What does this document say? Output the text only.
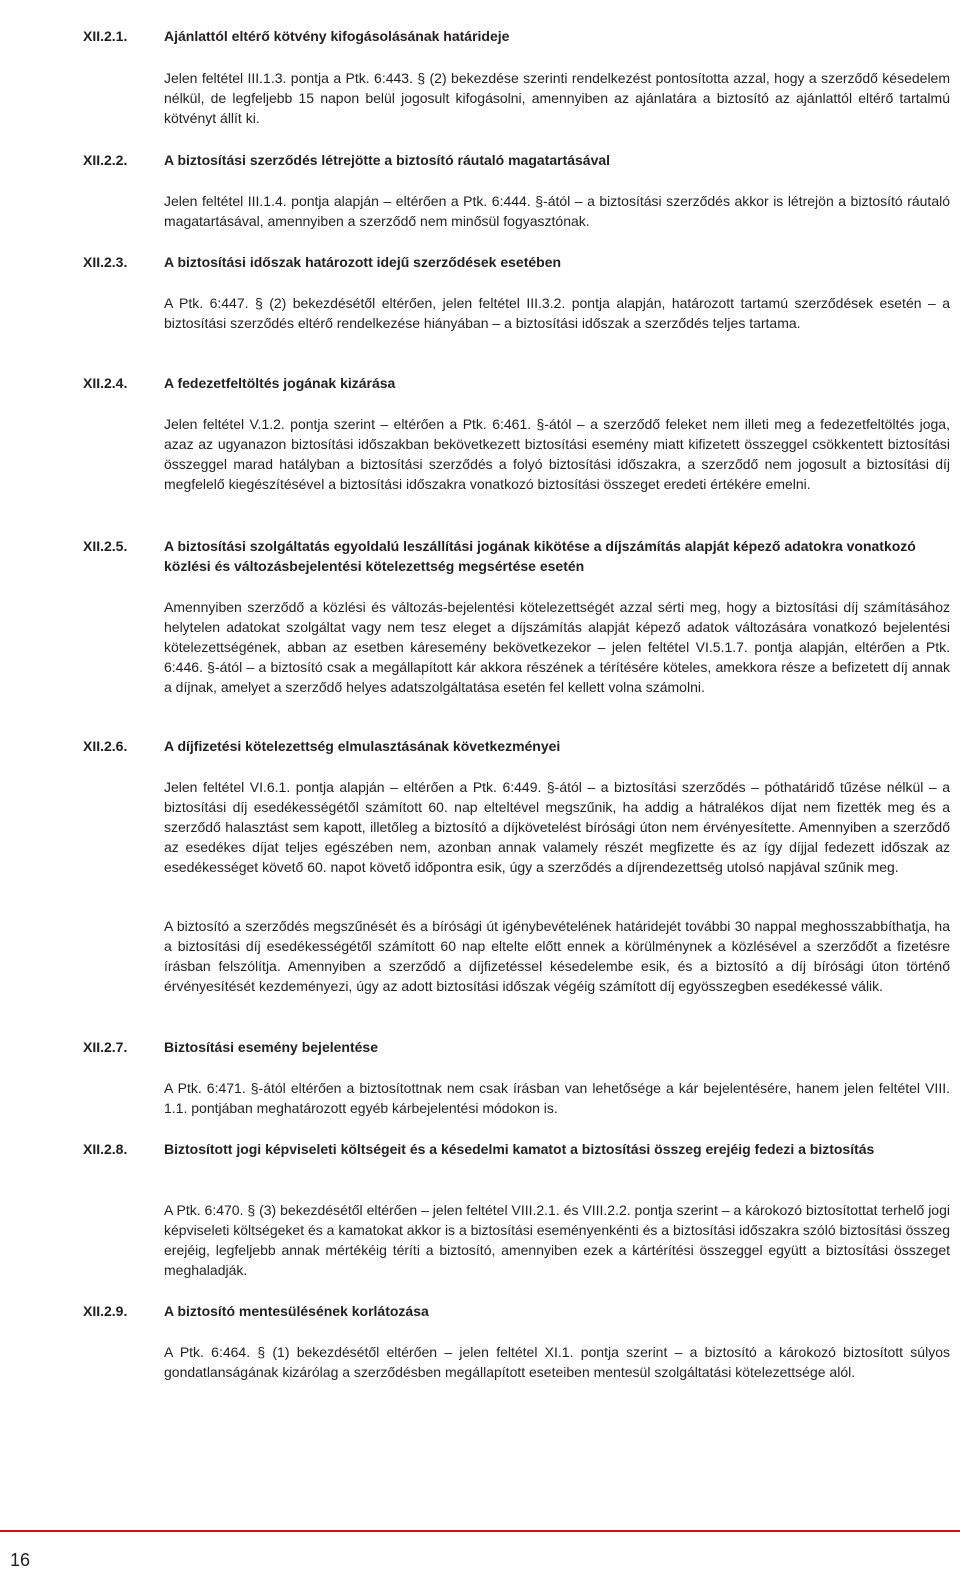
XII.2.1.	Ajánlattól eltérő kötvény kifogásolásának határideje
Jelen feltétel III.1.3. pontja a Ptk. 6:443. § (2) bekezdése szerinti rendelkezést pontosította azzal, hogy a szerződő késedelem nélkül, de legfeljebb 15 napon belül jogosult kifogásolni, amennyiben az ajánlatára a biztosító az ajánlattól eltérő tartalmú kötvényt állít ki.
XII.2.2.	A biztosítási szerződés létrejötte a biztosító ráutaló magatartásával
Jelen feltétel III.1.4. pontja alapján – eltérően a Ptk. 6:444. §-ától – a biztosítási szerződés akkor is létrejön a biztosító ráutaló magatartásával, amennyiben a szerződő nem minősül fogyasztónak.
XII.2.3.	A biztosítási időszak határozott idejű szerződések esetében
A Ptk. 6:447. § (2) bekezdésétől eltérően, jelen feltétel III.3.2. pontja alapján, határozott tartamú szerződések esetén – a biztosítási szerződés eltérő rendelkezése hiányában – a biztosítási időszak a szerződés teljes tartama.
XII.2.4.	A fedezetfeltöltés jogának kizárása
Jelen feltétel V.1.2. pontja szerint – eltérően a Ptk. 6:461. §-ától – a szerződő feleket nem illeti meg a fedezetfeltöltés joga, azaz az ugyanazon biztosítási időszakban bekövetkezett biztosítási esemény miatt kifizetett összeggel csökkentett biztosítási összeggel marad hatályban a biztosítási szerződés a folyó biztosítási időszakra, a szerződő nem jogosult a biztosítási díj megfelelő kiegészítésével a biztosítási időszakra vonatkozó biztosítási összeget eredeti értékére emelni.
XII.2.5.	A biztosítási szolgáltatás egyoldalú leszállítási jogának kikötése a díjszámítás alapját képező adatokra vonatkozó közlési és változásbejelentési kötelezettség megsértése esetén
Amennyiben szerződő a közlési és változás-bejelentési kötelezettségét azzal sérti meg, hogy a biztosítási díj számításához helytelen adatokat szolgáltat vagy nem tesz eleget a díjszámítás alapját képező adatok változására vonatkozó bejelentési kötelezettségének, abban az esetben káresemény bekövetkezekor – jelen feltétel VI.5.1.7. pontja alapján, eltérően a Ptk. 6:446. §-ától – a biztosító csak a megállapított kár akkora részének a térítésére köteles, amekkora része a befizetett díj annak a díjnak, amelyet a szerződő helyes adatszolgáltatása esetén fel kellett volna számolni.
XII.2.6.	A díjfizetési kötelezettség elmulasztásának következményei
Jelen feltétel VI.6.1. pontja alapján – eltérően a Ptk. 6:449. §-ától – a biztosítási szerződés – póthatáridő tűzése nélkül – a biztosítási díj esedékességétől számított 60. nap elteltével megszűnik, ha addig a hátralékos díjat nem fizették meg és a szerződő halasztást sem kapott, illetőleg a biztosító a díjkövetelést bírósági úton nem érvényesítette. Amennyiben a szerződő az esedékes díjat teljes egészében nem, azonban annak valamely részét megfizette és az így díjjal fedezett időszak az esedékességet követő 60. napot követő időpontra esik, úgy a szerződés a díjrendezettség utolsó napjával szűnik meg.
A biztosító a szerződés megszűnését és a bírósági út igénybevételének határidejét további 30 nappal meghosszabbíthatja, ha a biztosítási díj esedékességétől számított 60 nap eltelte előtt ennek a körülménynek a közlésével a szerződőt a fizetésre írásban felszólítja. Amennyiben a szerződő a díjfizetéssel késedelembe esik, és a biztosító a díj bírósági úton történő érvényesítését kezdeményezi, úgy az adott biztosítási időszak végéig számított díj egyösszegben esedékessé válik.
XII.2.7.	Biztosítási esemény bejelentése
A Ptk. 6:471. §-ától eltérően a biztosítottnak nem csak írásban van lehetősége a kár bejelentésére, hanem jelen feltétel VIII. 1.1. pontjában meghatározott egyéb kárbejelentési módokon is.
XII.2.8.	Biztosított jogi képviseleti költségeit és a késedelmi kamatot a biztosítási összeg erejéig fedezi a biztosítás
A Ptk. 6:470. § (3) bekezdésétől eltérően – jelen feltétel VIII.2.1. és VIII.2.2. pontja szerint – a károkozó biztosítottat terhelő jogi képviseleti költségeket és a kamatokat akkor is a biztosítási eseményenkénti és a biztosítási időszakra szóló biztosítási összeg erejéig, legfeljebb annak mértékéig téríti a biztosító, amennyiben ezek a kártérítési összeggel együtt a biztosítási összeget meghaladják.
XII.2.9.	A biztosító mentesülésének korlátozása
A Ptk. 6:464. § (1) bekezdésétől eltérően – jelen feltétel XI.1. pontja szerint – a biztosító a károkozó biztosított súlyos gondatlanságának kizárólag a szerződésben megállapított eseteiben mentesül szolgáltatási kötelezettsége alól.
16
